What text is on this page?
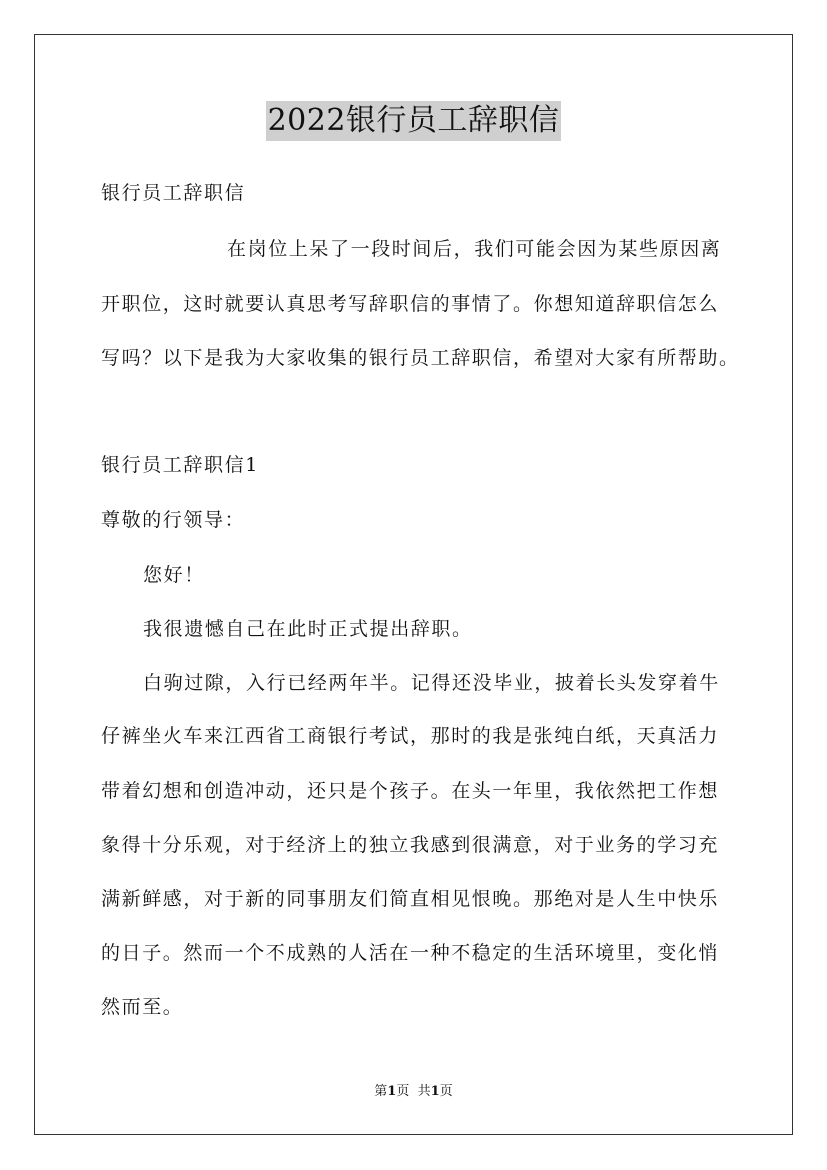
2022银行员工辞职信
银行员工辞职信
在岗位上呆了一段时间后，我们可能会因为某些原因离
开职位，这时就要认真思考写辞职信的事情了。你想知道辞职信怎么
写吗？以下是我为大家收集的银行员工辞职信，希望对大家有所帮助。
银行员工辞职信1
尊敬的行领导：
您好！
我很遗憾自己在此时正式提出辞职。
白驹过隙，入行已经两年半。记得还没毕业，披着长头发穿着牛
仔裤坐火车来江西省工商银行考试，那时的我是张纯白纸，天真活力
带着幻想和创造冲动，还只是个孩子。在头一年里，我依然把工作想
象得十分乐观，对于经济上的独立我感到很满意，对于业务的学习充
满新鲜感，对于新的同事朋友们简直相见恨晚。那绝对是人生中快乐
的日子。然而一个不成熟的人活在一种不稳定的生活环境里，变化悄
然而至。
第1页 共1页
